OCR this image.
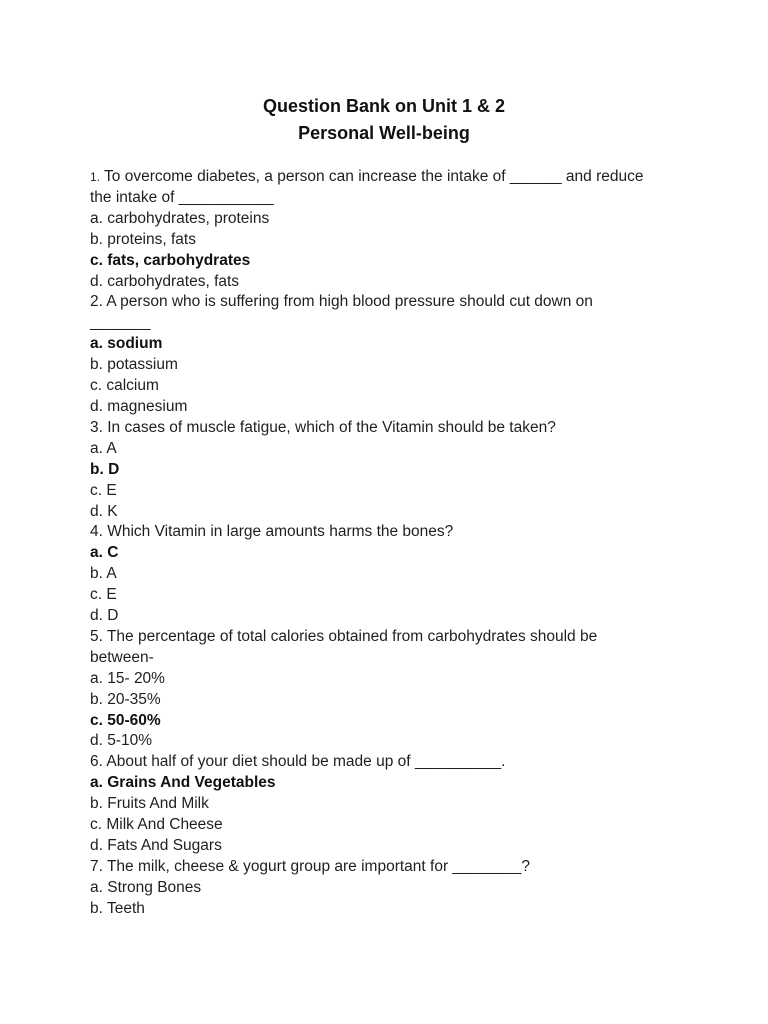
Question Bank on Unit 1 & 2
Personal Well-being
1. To overcome diabetes, a person can increase the intake of ______ and reduce
the intake of ___________
a. carbohydrates, proteins
b. proteins, fats
c. fats, carbohydrates
d. carbohydrates, fats
2. A person who is suffering from high blood pressure should cut down on
_______
a. sodium
b. potassium
c. calcium
d. magnesium
3. In cases of muscle fatigue, which of the Vitamin should be taken?
a. A
b. D
c. E
d. K
4. Which Vitamin in large amounts harms the bones?
a. C
b. A
c. E
d. D
5. The percentage of total calories obtained from carbohydrates should be
between-
a. 15- 20%
b. 20-35%
c. 50-60%
d. 5-10%
6. About half of your diet should be made up of __________.
a. Grains And Vegetables
b. Fruits And Milk
c. Milk And Cheese
d. Fats And Sugars
7. The milk, cheese & yogurt group are important for ________?
a. Strong Bones
b. Teeth
